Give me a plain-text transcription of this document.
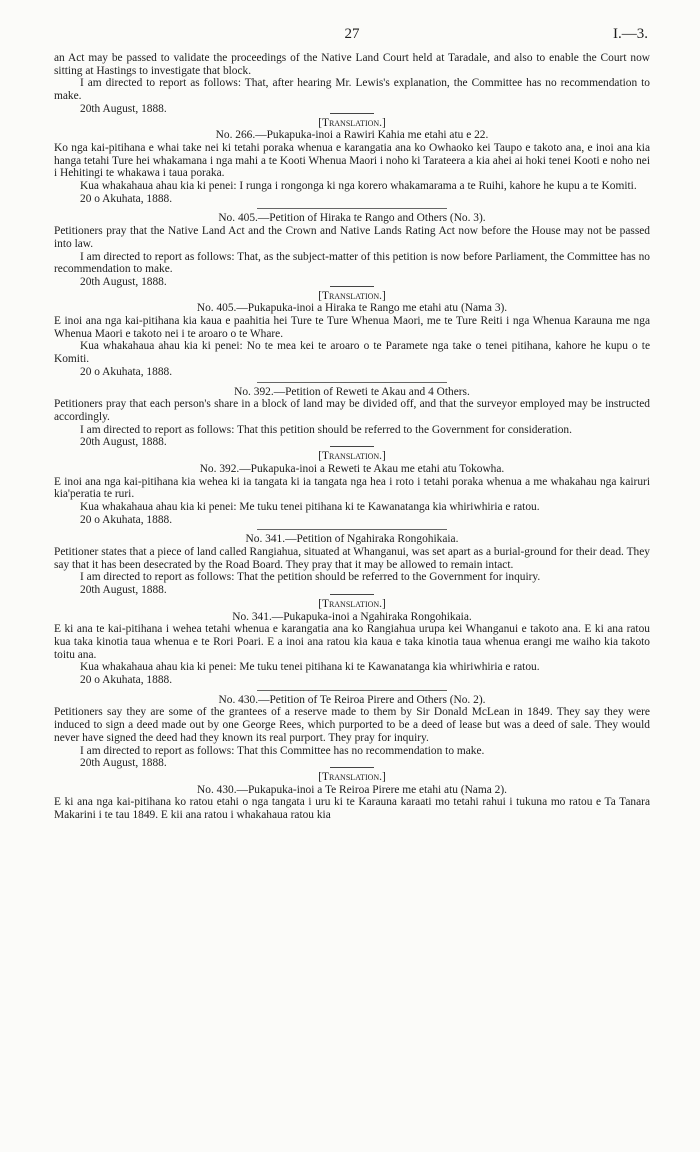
27	I.—3.

an Act may be passed to validate the proceedings of the Native Land Court held at Taradale, and also to enable the Court now sitting at Hastings to investigate that block.

I am directed to report as follows: That, after hearing Mr. Lewis's explanation, the Committee has no recommendation to make.

20th August, 1888.

[Translation.]

No. 266.—Pukapuka-inoi a Rawiri Kahia me etahi atu e 22.

Ko nga kai-pitihana e whai take nei ki tetahi poraka whenua e karangatia ana ko Owhaoko kei Taupo e takoto ana, e inoi ana kia hanga tetahi Ture hei whakamana i nga mahi a te Kooti Whenua Maori i noho ki Tarateera a kia ahei ai hoki tenei Kooti e noho nei i Hehitingi te whakawa i taua poraka.

Kua whakahaua ahau kia ki penei: I runga i rongonga ki nga korero whakamarama a te Ruihi, kahore he kupu a te Komiti.

20 o Akuhata, 1888.

No. 405.—Petition of Hiraka te Rango and Others (No. 3).

Petitioners pray that the Native Land Act and the Crown and Native Lands Rating Act now before the House may not be passed into law.

I am directed to report as follows: That, as the subject-matter of this petition is now before Parliament, the Committee has no recommendation to make.

20th August, 1888.

[Translation.]

No. 405.—Pukapuka-inoi a Hiraka te Rango me etahi atu (Nama 3).

E inoi ana nga kai-pitihana kia kaua e paahitia hei Ture te Ture Whenua Maori, me te Ture Reiti i nga Whenua Karauna me nga Whenua Maori e takoto nei i te aroaro o te Whare.

Kua whakahaua ahau kia ki penei: No te mea kei te aroaro o te Paramete nga take o tenei pitihana, kahore he kupu o te Komiti.

20 o Akuhata, 1888.

No. 392.—Petition of Reweti te Akau and 4 Others.

Petitioners pray that each person's share in a block of land may be divided off, and that the surveyor employed may be instructed accordingly.

I am directed to report as follows: That this petition should be referred to the Government for consideration.

20th August, 1888.

[Translation.]

No. 392.—Pukapuka-inoi a Reweti te Akau me etahi atu Tokowha.

E inoi ana nga kai-pitihana kia wehea ki ia tangata ki ia tangata nga hea i roto i tetahi poraka whenua a me whakahau nga kairuri kia'peratia te ruri.

Kua whakahaua ahau kia ki penei: Me tuku tenei pitihana ki te Kawanatanga kia whiriwhiria e ratou.

20 o Akuhata, 1888.

No. 341.—Petition of Ngahiraka Rongohikaia.

Petitioner states that a piece of land called Rangiahua, situated at Whanganui, was set apart as a burial-ground for their dead. They say that it has been desecrated by the Road Board. They pray that it may be allowed to remain intact.

I am directed to report as follows: That the petition should be referred to the Government for inquiry.

20th August, 1888.

[Translation.]

No. 341.—Pukapuka-inoi a Ngahiraka Rongohikaia.

E ki ana te kai-pitihana i wehea tetahi whenua e karangatia ana ko Rangiahua urupa kei Whanganui e takoto ana. E ki ana ratou kua taka kinotia taua whenua e te Rori Poari. E a inoi ana ratou kia kaua e taka kinotia taua whenua erangi me waiho kia takoto toitu ana.

Kua whakahaua ahau kia ki penei: Me tuku tenei pitihana ki te Kawanatanga kia whiriwhiria e ratou.

20 o Akuhata, 1888.

No. 430.—Petition of Te Reiroa Pirere and Others (No. 2).

Petitioners say they are some of the grantees of a reserve made to them by Sir Donald McLean in 1849. They say they were induced to sign a deed made out by one George Rees, which purported to be a deed of lease but was a deed of sale. They would never have signed the deed had they known its real purport. They pray for inquiry.

I am directed to report as follows: That this Committee has no recommendation to make.

20th August, 1888.

[Translation.]

No. 430.—Pukapuka-inoi a Te Reiroa Pirere me etahi atu (Nama 2).

E ki ana nga kai-pitihana ko ratou etahi o nga tangata i uru ki te Karauna karaati mo tetahi rahui i tukuna mo ratou e Ta Tanara Makarini i te tau 1849. E kii ana ratou i whakahaua ratou kia
